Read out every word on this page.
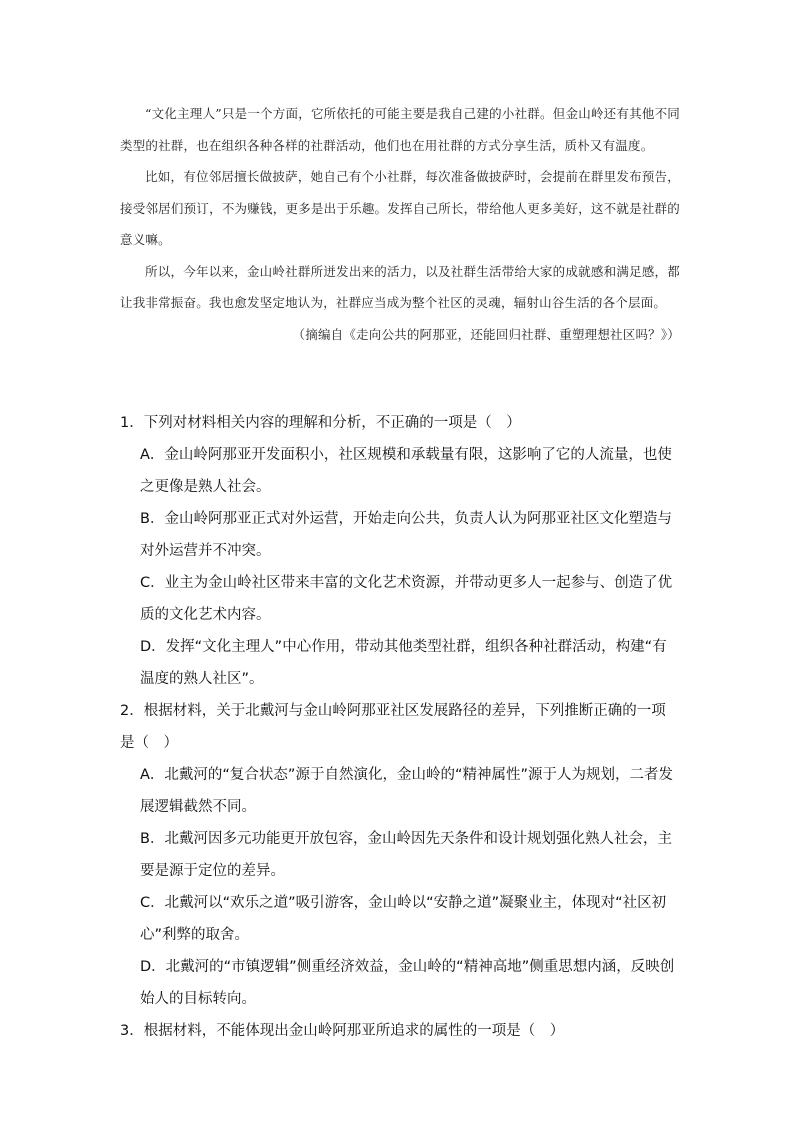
“文化主理人”只是一个方面，它所依托的可能主要是我自己建的小社群。但金山岭还有其他不同类型的社群，也在组织各种各样的社群活动，他们也在用社群的方式分享生活，质朴又有温度。

比如，有位邻居擅长做披萨，她自己有个小社群，每次准备做披萨时，会提前在群里发布预告，接受邻居们预订，不为赚钱，更多是出于乐趣。发挥自己所长，带给他人更多美好，这不就是社群的意义嘛。

所以，今年以来，金山岭社群所迸发出来的活力，以及社群生活带给大家的成就感和满足感，都让我非常振奋。我也愈发坚定地认为，社群应当成为整个社区的灵魂，辐射山谷生活的各个层面。

（摘编自《走向公共的阿那亚，还能回归社群、重塑理想社区吗？》）

1．下列对材料相关内容的理解和分析，不正确的一项是（　）

A．金山岭阿那亚开发面积小，社区规模和承载量有限，这影响了它的人流量，也使之更像是熟人社会。

B．金山岭阿那亚正式对外运营，开始走向公共，负责人认为阿那亚社区文化塑造与对外运营并不冲突。

C．业主为金山岭社区带来丰富的文化艺术资源，并带动更多人一起参与、创造了优质的文化艺术内容。

D．发挥“文化主理人”中心作用，带动其他类型社群，组织各种社群活动，构建“有温度的熟人社区”。

2．根据材料，关于北戴河与金山岭阿那亚社区发展路径的差异，下列推断正确的一项是（　）

A．北戴河的“复合状态”源于自然演化，金山岭的“精神属性”源于人为规划，二者发展逻辑截然不同。

B．北戴河因多元功能更开放包容，金山岭因先天条件和设计规划强化熟人社会，主要是源于定位的差异。

C．北戴河以“欢乐之道”吸引游客，金山岭以“安静之道”凝聚业主，体现对“社区初心”利弊的取舍。

D．北戴河的“市镇逻辑”侧重经济效益，金山岭的“精神高地”侧重思想内涵，反映创始人的目标转向。

3．根据材料，不能体现出金山岭阿那亚所追求的属性的一项是（　）
